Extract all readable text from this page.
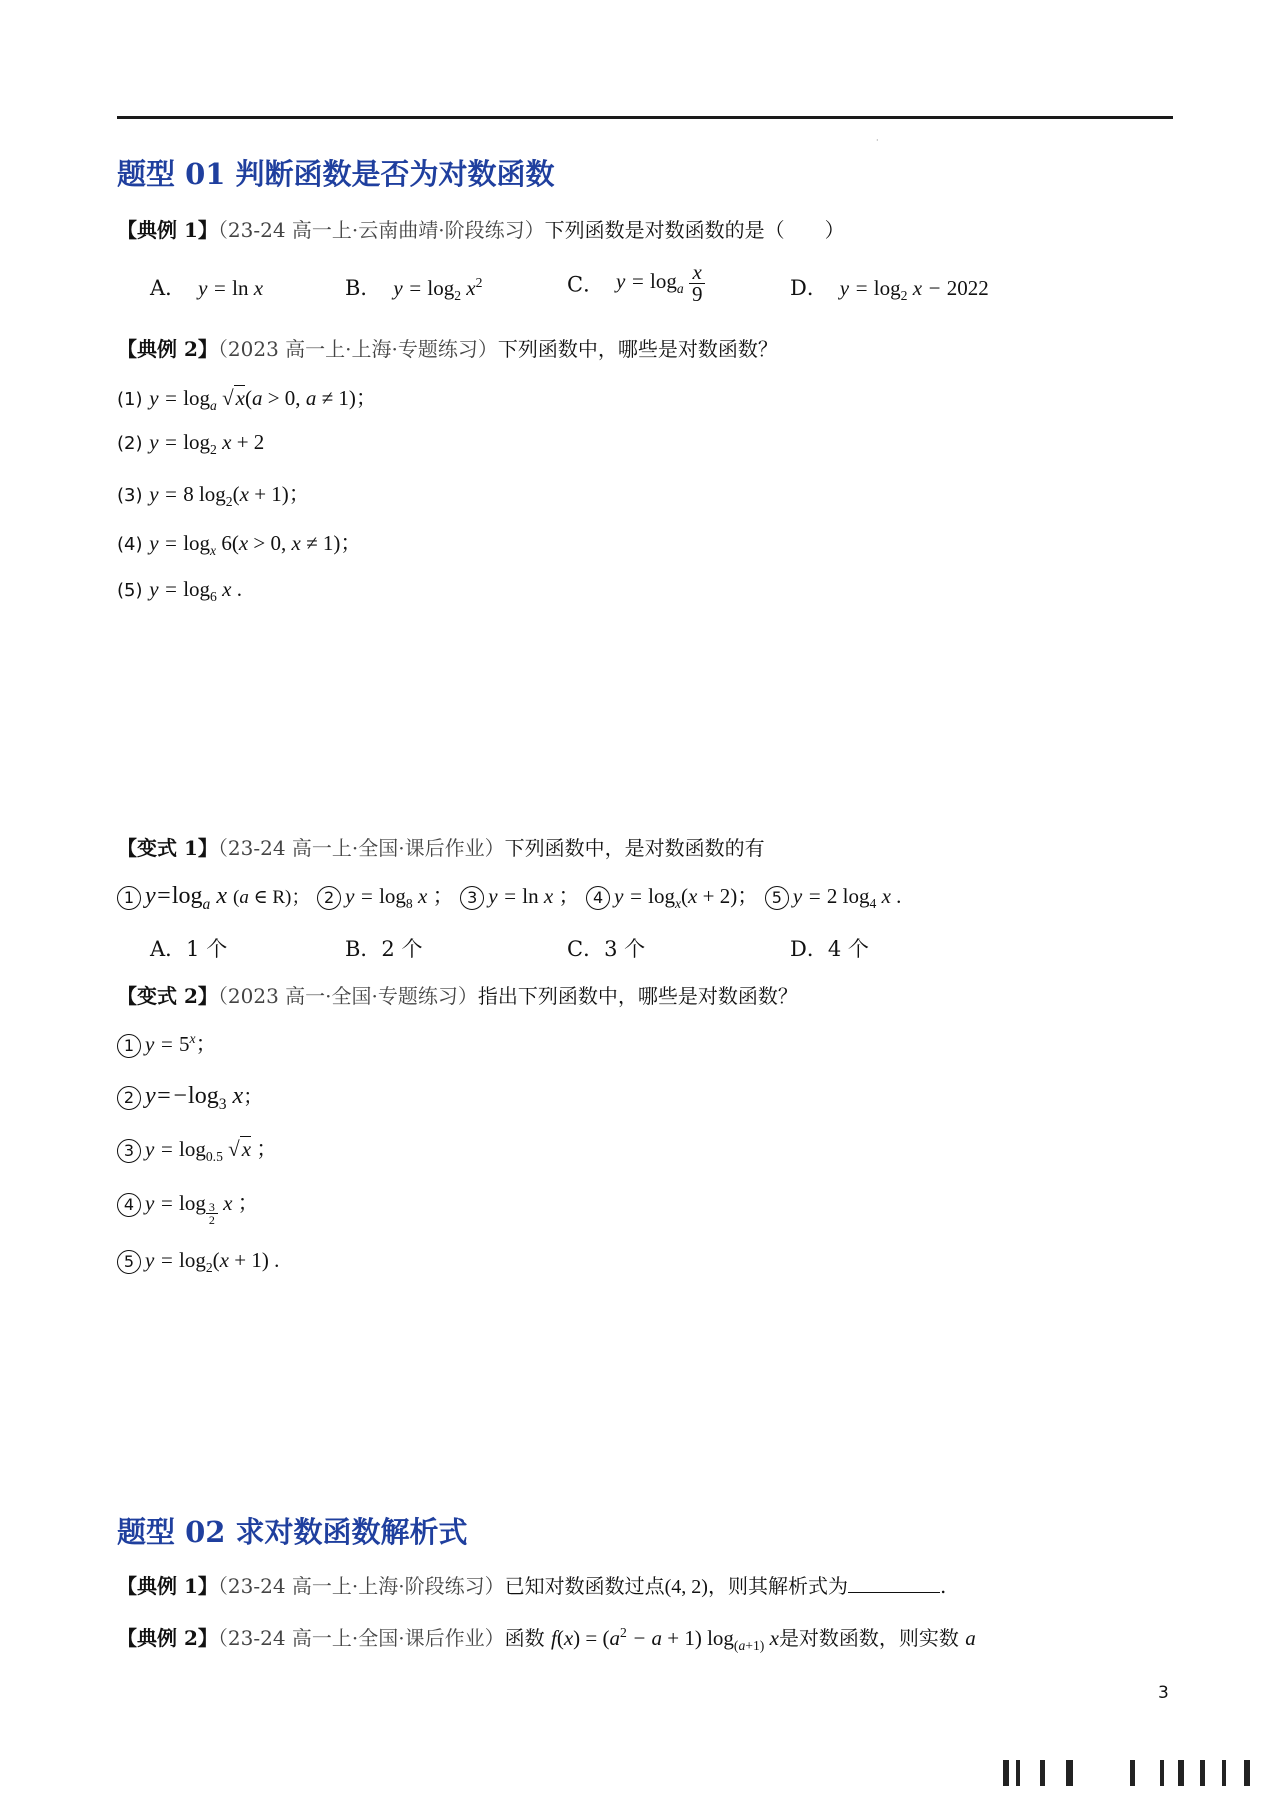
·
题型 01 判断函数是否为对数函数
【典例 1】（23-24 高一上·云南曲靖·阶段练习）下列函数是对数函数的是（　　）
A．  y = ln x	B．  $y = \log_2 x^2$	C．  $y = \log_a \frac{x}{9}$	D．  $y = \log_2 x - 2022$
【典例 2】（2023 高一上·上海·专题练习）下列函数中，哪些是对数函数？
(1) $y = \log_a √x(a > 0$, a ≠ 1)；
(2) $y = \log_2 x + 2$
(3) y = 8 $\log_2(x + 1)$；
(4) $y = \log_x 6(x > 0$, x ≠ 1)；
(5) $y = \log_6 x$ .
【变式 1】（23-24 高一上·全国·课后作业）下列函数中，是对数函数的有
1 $y=\log_a$ x (a ∈ R)； 2 $y = \log_8 x$ ； 3 y = ln x ； 4 $y = \log_x(x + 2)$； 5 y = 2 $\log_4 x$ .
A．1 个	B．2 个	C．3 个	D．4 个
【变式 2】（2023 高一·全国·专题练习）指出下列函数中，哪些是对数函数？
1 $y = 5^x$；
2 $y=-\log_3$ x；
3 $y = \log_{0.5} √x$ ；
4 $y = \log \frac{3}{2}$ x ；
5 $y = \log_2(x + 1)$ .
题型 02 求对数函数解析式
【典例 1】（23-24 高一上·上海·阶段练习）已知对数函数过点(4, 2)，则其解析式为	.
【典例 2】（23-24 高一上·全国·课后作业）函数 $f(x) = (a^2 - a + 1)$ $\log_{(a+1)} x$是对数函数，则实数 a
3
